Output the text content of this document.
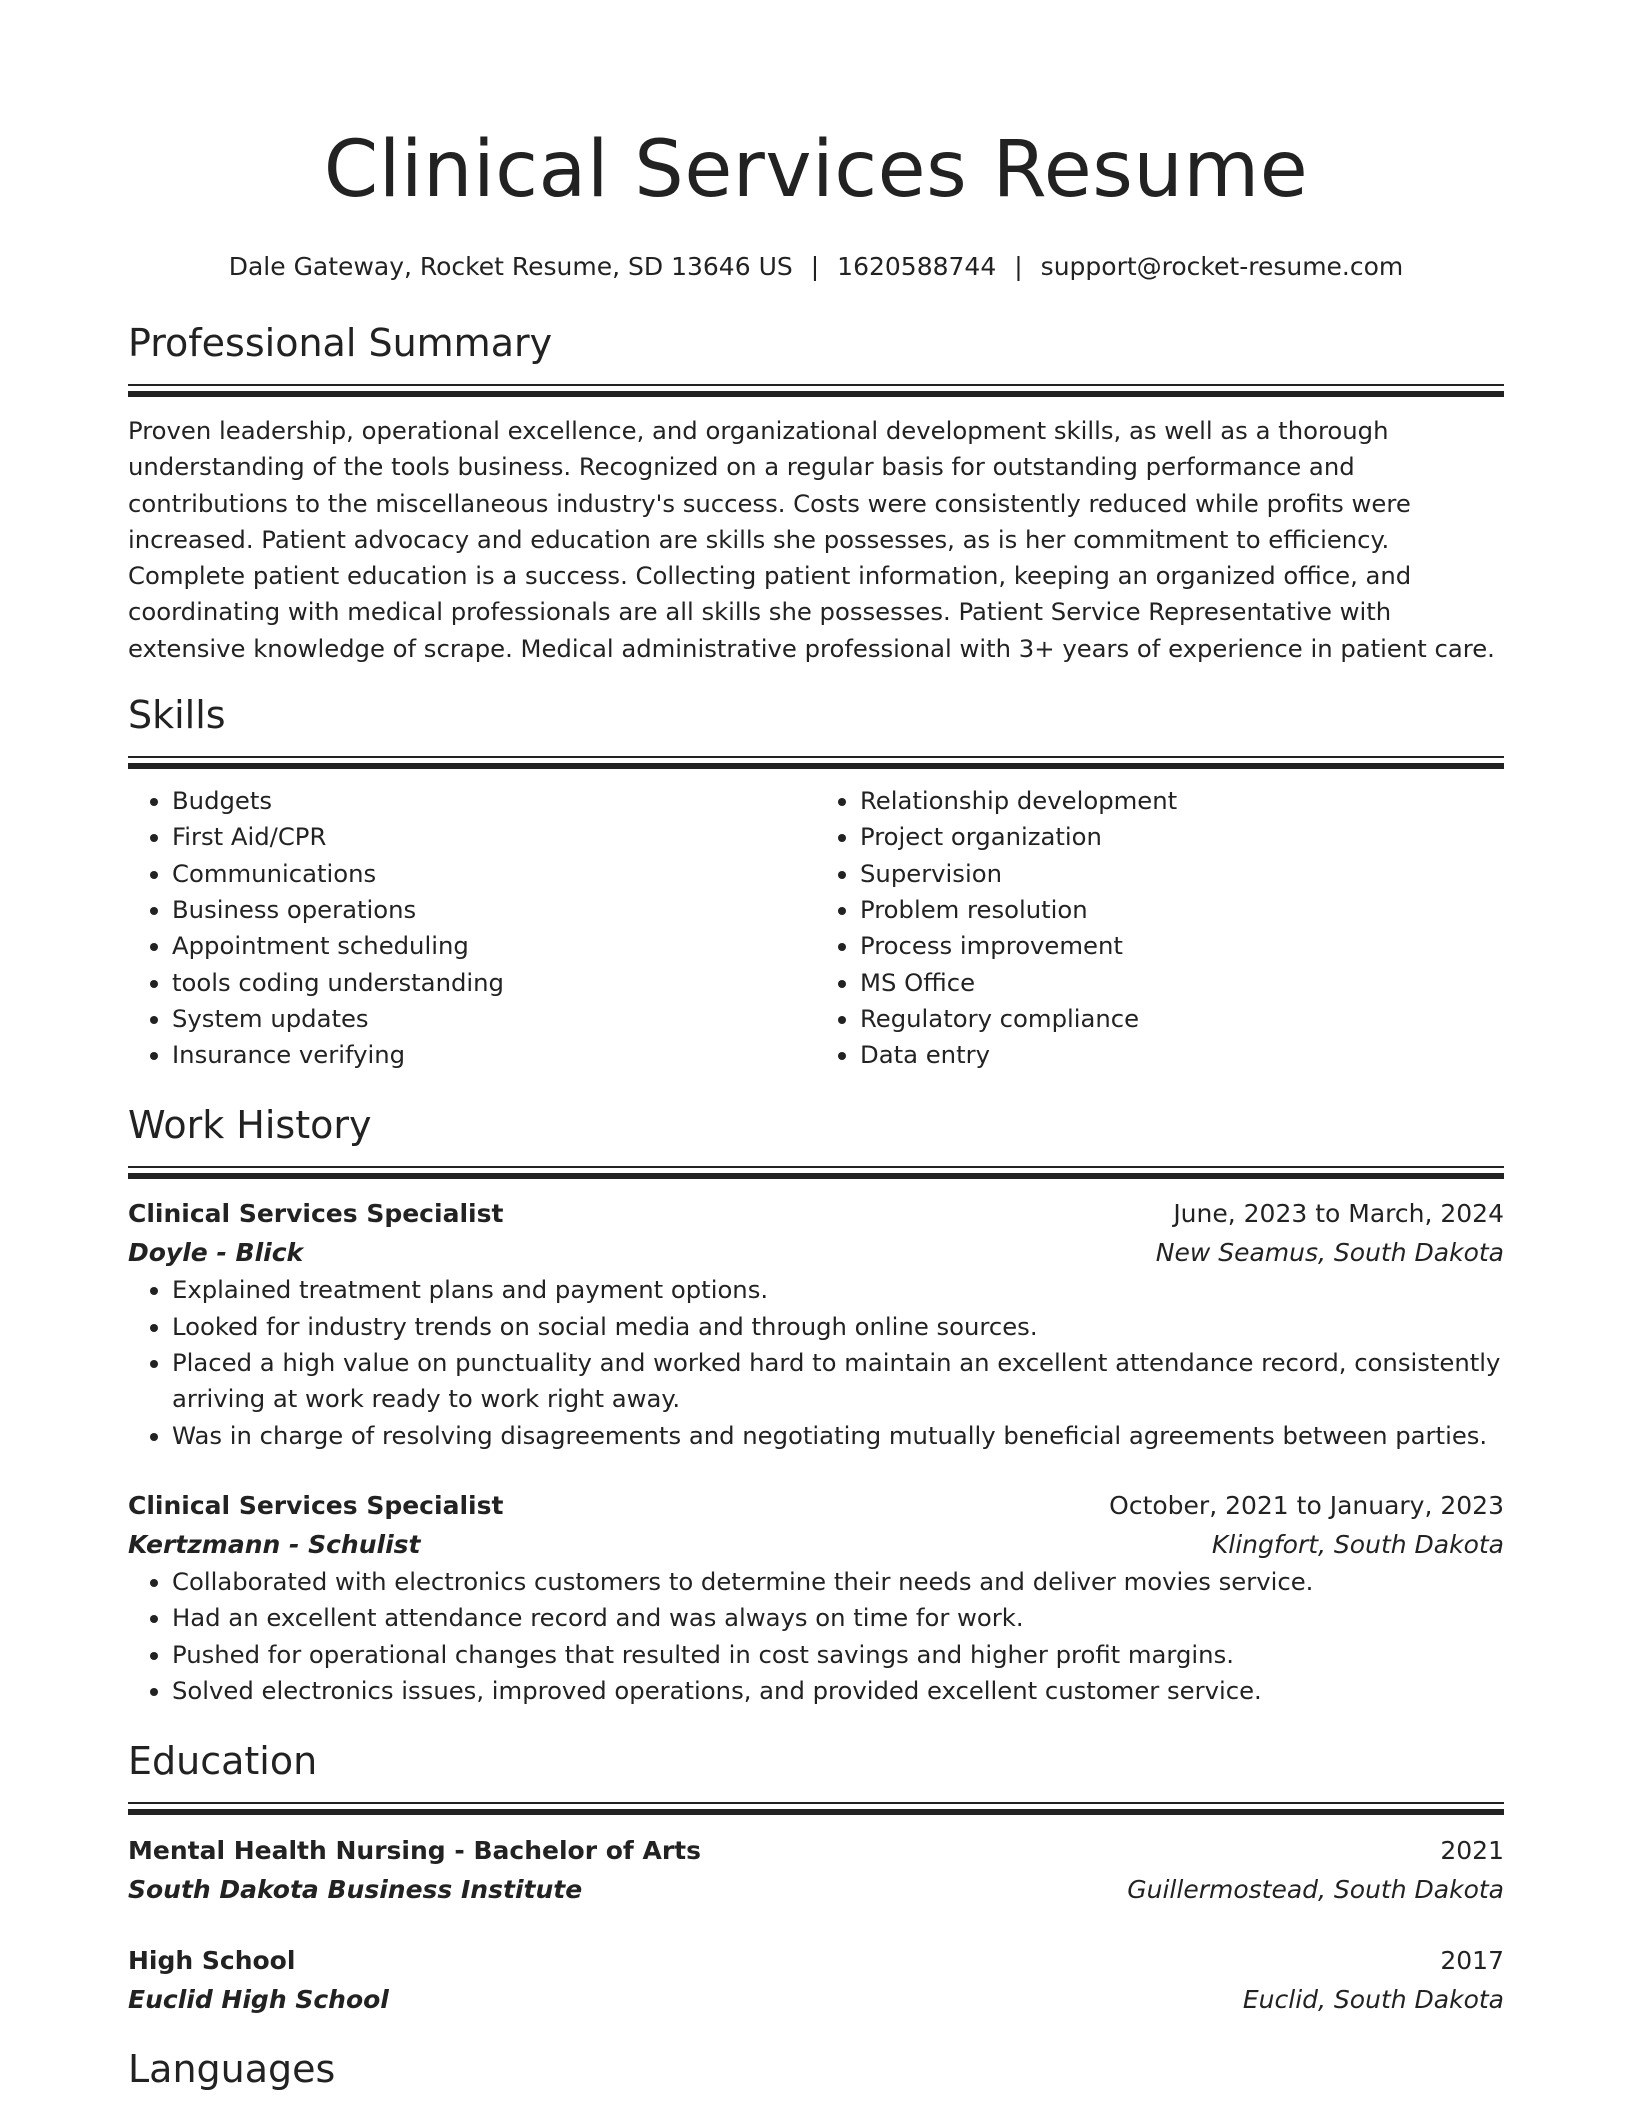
Clinical Services Resume
Dale Gateway, Rocket Resume, SD 13646 US | 1620588744 | support@rocket-resume.com
Professional Summary

Proven leadership, operational excellence, and organizational development skills, as well as a thorough understanding of the tools business. Recognized on a regular basis for outstanding performance and contributions to the miscellaneous industry's success. Costs were consistently reduced while profits were increased. Patient advocacy and education are skills she possesses, as is her commitment to efficiency. Complete patient education is a success. Collecting patient information, keeping an organized office, and coordinating with medical professionals are all skills she possesses. Patient Service Representative with extensive knowledge of scrape. Medical administrative professional with 3+ years of experience in patient care.

Skills
• Budgets
• First Aid/CPR
• Communications
• Business operations
• Appointment scheduling
• tools coding understanding
• System updates
• Insurance verifying
• Relationship development
• Project organization
• Supervision
• Problem resolution
• Process improvement
• MS Office
• Regulatory compliance
• Data entry
Work History
Clinical Services Specialist	June, 2023 to March, 2024
Doyle - Blick	New Seamus, South Dakota
• Explained treatment plans and payment options.
• Looked for industry trends on social media and through online sources.
• Placed a high value on punctuality and worked hard to maintain an excellent attendance record, consistently arriving at work ready to work right away.
• Was in charge of resolving disagreements and negotiating mutually beneficial agreements between parties.
Clinical Services Specialist	October, 2021 to January, 2023
Kertzmann - Schulist	Klingfort, South Dakota
• Collaborated with electronics customers to determine their needs and deliver movies service.
• Had an excellent attendance record and was always on time for work.
• Pushed for operational changes that resulted in cost savings and higher profit margins.
• Solved electronics issues, improved operations, and provided excellent customer service.
Education
Mental Health Nursing - Bachelor of Arts	2021
South Dakota Business Institute	Guillermostead, South Dakota
High School	2017
Euclid High School	Euclid, South Dakota
Languages
